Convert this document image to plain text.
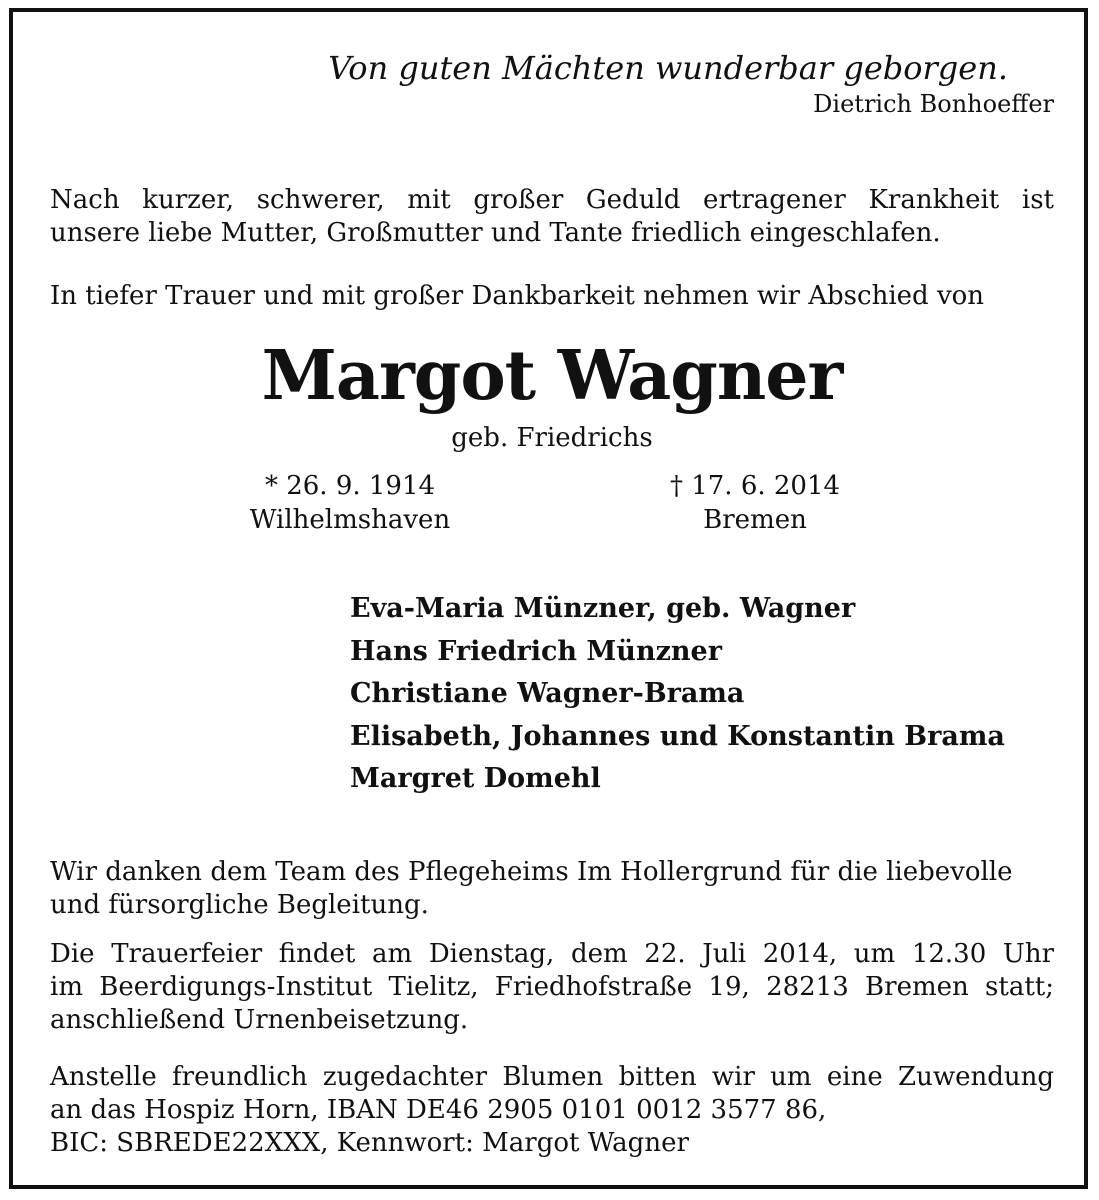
Von guten Mächten wunderbar geborgen.
Dietrich Bonhoeffer
Nach kurzer, schwerer, mit großer Geduld ertragener Krankheit ist
unsere liebe Mutter, Großmutter und Tante friedlich eingeschlafen.
In tiefer Trauer und mit großer Dankbarkeit nehmen wir Abschied von
Margot Wagner
geb. Friedrichs
* 26. 9. 1914
Wilhelmshaven
† 17. 6. 2014
Bremen
Eva-Maria Münzner, geb. Wagner
Hans Friedrich Münzner
Christiane Wagner-Brama
Elisabeth, Johannes und Konstantin Brama
Margret Domehl
Wir danken dem Team des Pflegeheims Im Hollergrund für die liebevolle
und fürsorgliche Begleitung.
Die Trauerfeier findet am Dienstag, dem 22. Juli 2014, um 12.30 Uhr
im Beerdigungs-Institut Tielitz, Friedhofstraße 19, 28213 Bremen statt;
anschließend Urnenbeisetzung.
Anstelle freundlich zugedachter Blumen bitten wir um eine Zuwendung
an das Hospiz Horn, IBAN DE46 2905 0101 0012 3577 86,
BIC: SBREDE22XXX, Kennwort: Margot Wagner
